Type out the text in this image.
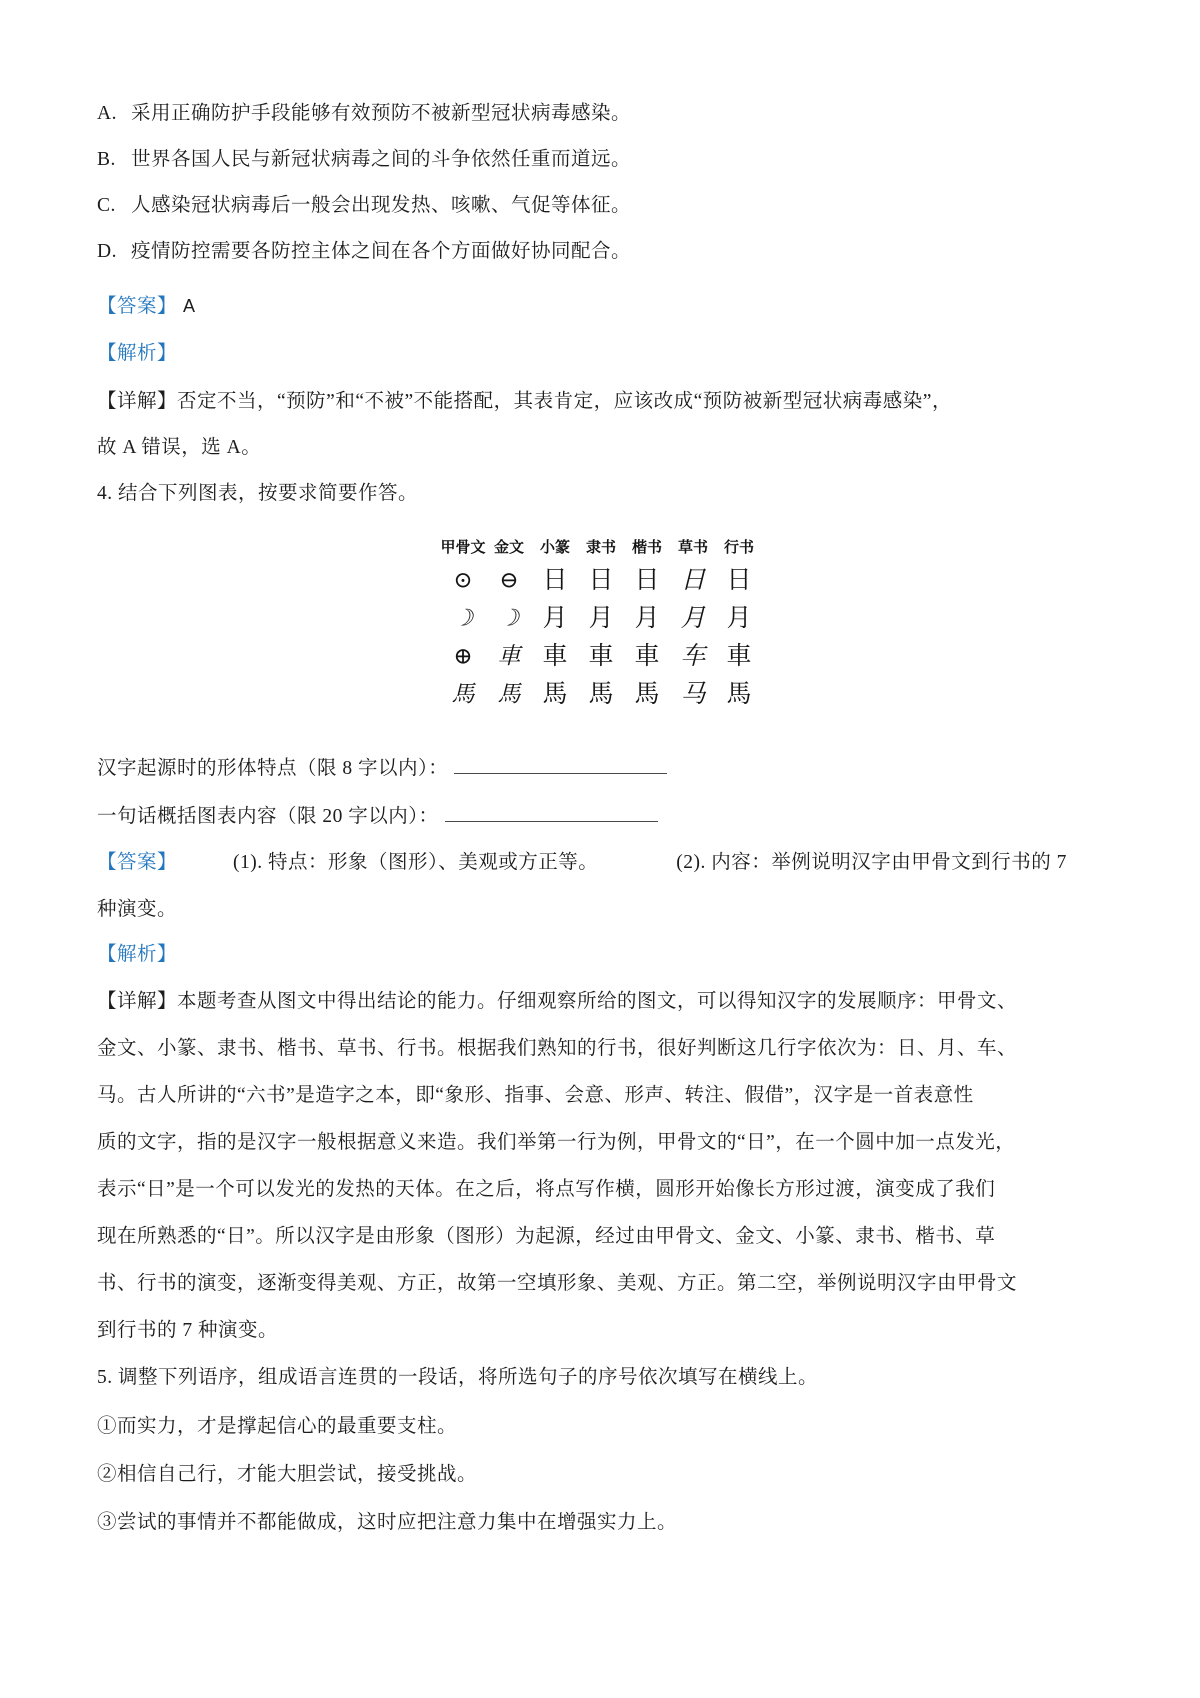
A. 采用正确防护手段能够有效预防不被新型冠状病毒感染。
B. 世界各国人民与新冠状病毒之间的斗争依然任重而道远。
C. 人感染冠状病毒后一般会出现发热、咳嗽、气促等体征。
D. 疫情防控需要各防控主体之间在各个方面做好协同配合。
【答案】 A
【解析】
【详解】否定不当，“预防”和“不被”不能搭配，其表肯定，应该改成“预防被新型冠状病毒感染”，
故 A 错误，选 A。
4. 结合下列图表，按要求简要作答。
甲骨文 金文	小篆	隶书	楷书	草书	行书
⊙	⊖ 日 日 日 日 日
☽	☽ 月 月 月 月 月
⊕ 車 車 車 車 车 車
馬 馬 馬 馬 馬 马 馬
汉字起源时的形体特点（限 8 字以内）：
一句话概括图表内容（限 20 字以内）：
【答案】	(1). 特点：形象（图形）、美观或方正等。	(2). 内容：举例说明汉字由甲骨文到行书的 7
种演变。
【解析】
【详解】本题考查从图文中得出结论的能力。仔细观察所给的图文，可以得知汉字的发展顺序：甲骨文、
金文、小篆、隶书、楷书、草书、行书。根据我们熟知的行书，很好判断这几行字依次为：日、月、车、
马。古人所讲的“六书”是造字之本，即“象形、指事、会意、形声、转注、假借”，汉字是一首表意性
质的文字，指的是汉字一般根据意义来造。我们举第一行为例，甲骨文的“日”，在一个圆中加一点发光，
表示“日”是一个可以发光的发热的天体。在之后，将点写作横，圆形开始像长方形过渡，演变成了我们
现在所熟悉的“日”。所以汉字是由形象（图形）为起源，经过由甲骨文、金文、小篆、隶书、楷书、草
书、行书的演变，逐渐变得美观、方正，故第一空填形象、美观、方正。第二空，举例说明汉字由甲骨文
到行书的 7 种演变。
5. 调整下列语序，组成语言连贯的一段话，将所选句子的序号依次填写在横线上。
①而实力，才是撑起信心的最重要支柱。
②相信自己行，才能大胆尝试，接受挑战。
③尝试的事情并不都能做成，这时应把注意力集中在增强实力上。
